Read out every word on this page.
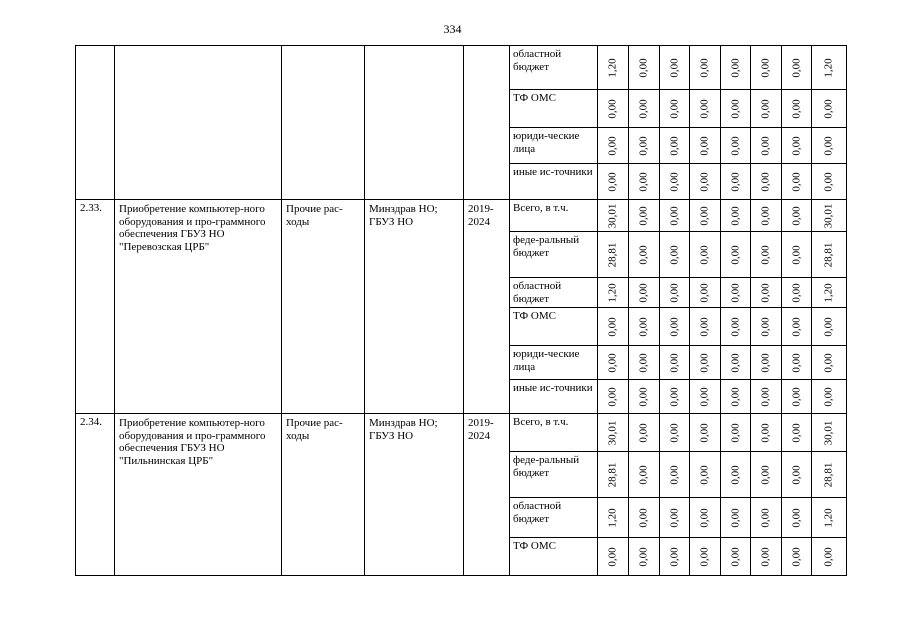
334
					областной бюджет	1,20	0,00	0,00	0,00	0,00	0,00	0,00	1,20

					ТФ ОМС	0,00	0,00	0,00	0,00	0,00	0,00	0,00	0,00

					юриди-ческие лица	0,00	0,00	0,00	0,00	0,00	0,00	0,00	0,00

					иные ис-точники	0,00	0,00	0,00	0,00	0,00	0,00	0,00	0,00

2.33.	Приобретение компьютер-ного оборудования и про-граммного обеспечения ГБУЗ НО "Перевозская ЦРБ"	Прочие рас-ходы	Минздрав НО; ГБУЗ НО	2019-2024	Всего, в т.ч.	30,01	0,00	0,00	0,00	0,00	0,00	0,00	30,01

					феде-ральный бюджет	28,81	0,00	0,00	0,00	0,00	0,00	0,00	28,81

					областной бюджет	1,20	0,00	0,00	0,00	0,00	0,00	0,00	1,20

					ТФ ОМС	0,00	0,00	0,00	0,00	0,00	0,00	0,00	0,00

					юриди-ческие лица	0,00	0,00	0,00	0,00	0,00	0,00	0,00	0,00

					иные ис-точники	0,00	0,00	0,00	0,00	0,00	0,00	0,00	0,00

2.34.	Приобретение компьютер-ного оборудования и про-граммного обеспечения ГБУЗ НО "Пильнинская ЦРБ"	Прочие рас-ходы	Минздрав НО; ГБУЗ НО	2019-2024	Всего, в т.ч.	30,01	0,00	0,00	0,00	0,00	0,00	0,00	30,01

					феде-ральный бюджет	28,81	0,00	0,00	0,00	0,00	0,00	0,00	28,81

					областной бюджет	1,20	0,00	0,00	0,00	0,00	0,00	0,00	1,20

					ТФ ОМС	0,00	0,00	0,00	0,00	0,00	0,00	0,00	0,00
